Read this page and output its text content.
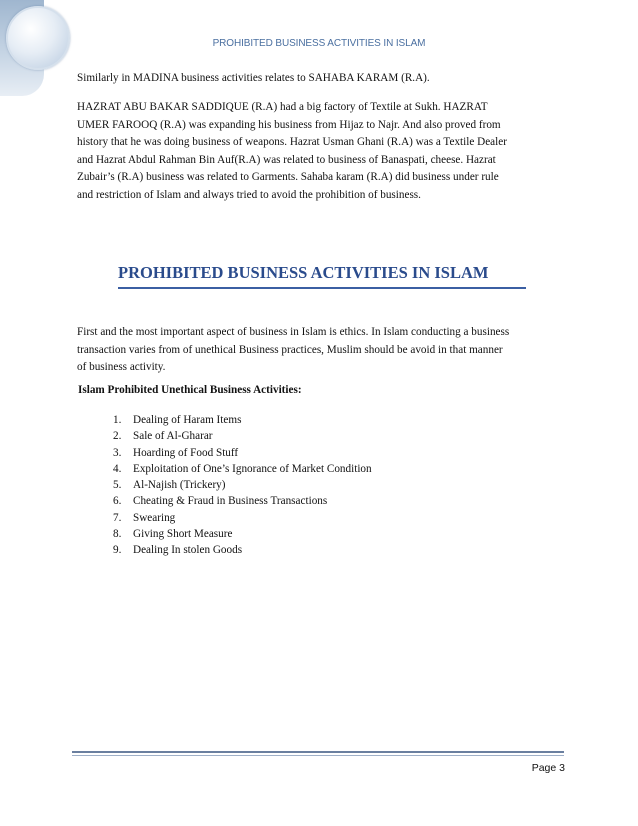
PROHIBITED BUSINESS ACTIVITIES IN ISLAM
Similarly in MADINA business activities relates to SAHABA KARAM (R.A).
HAZRAT ABU BAKAR SADDIQUE (R.A) had a big factory of Textile at Sukh. HAZRAT
UMER FAROOQ (R.A) was expanding his business from Hijaz to Najr. And also proved from
history that he was doing business of weapons. Hazrat Usman Ghani (R.A) was a Textile Dealer
and Hazrat Abdul Rahman Bin Auf(R.A) was related to business of Banaspati, cheese. Hazrat
Zubair’s (R.A) business was related to Garments. Sahaba karam (R.A) did business under rule
and restriction of Islam and always tried to avoid the prohibition of business.
PROHIBITED BUSINESS ACTIVITIES IN ISLAM
First and the most important aspect of business in Islam is ethics. In Islam conducting a business
transaction varies from of unethical Business practices, Muslim should be avoid in that manner
of business activity.
Islam Prohibited Unethical Business Activities:
1.	Dealing of Haram Items
2.	Sale of Al-Gharar
3.	Hoarding of Food Stuff
4.	Exploitation of One’s Ignorance of Market Condition
5.	Al-Najish (Trickery)
6.	Cheating & Fraud in Business Transactions
7.	Swearing
8.	Giving Short Measure
9.	Dealing In stolen Goods
Page 3
